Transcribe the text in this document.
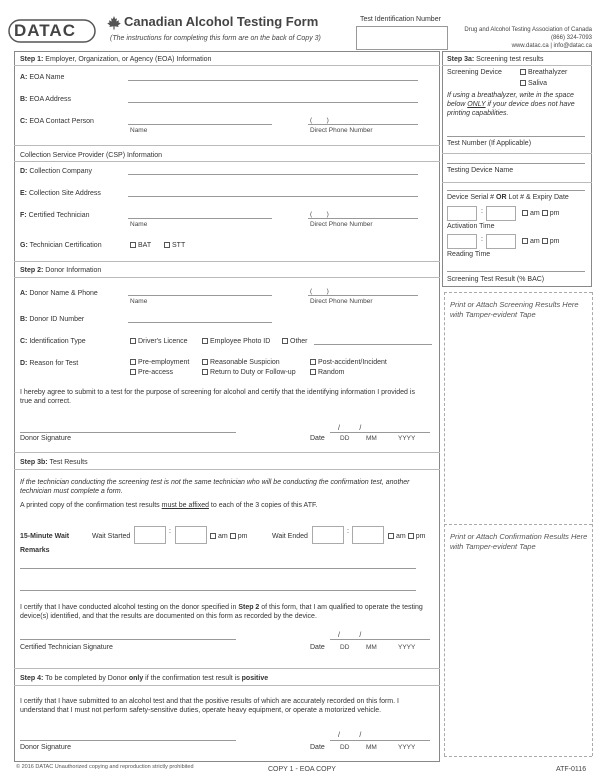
DATAC	Canadian Alcohol Testing Form
(The instructions for completing this form are on the back of Copy 3)
Test Identification Number
Drug and Alcohol Testing Association of Canada
(866) 324-7093
www.datac.ca | info@datac.ca
Step 1: Employer, Organization, or Agency (EOA) Information
A: EOA Name
B: EOA Address
C: EOA Contact Person
Name
(        )
Direct Phone Number
Collection Service Provider (CSP) Information
D: Collection Company
E: Collection Site Address
F: Certified Technician
Name
(        )
Direct Phone Number
G: Technician Certification	BAT	STT
Step 2: Donor Information
A: Donor Name & Phone
Name
(        )
Direct Phone Number
B: Donor ID Number
C: Identification Type	Driver's Licence	Employee Photo ID	Other
D: Reason for Test	Pre-employment	Reasonable Suspicion	Post-accident/Incident
Pre-access	Return to Duty or Follow-up	Random
I hereby agree to submit to a test for the purpose of screening for alcohol and certify that the identifying information I provided is true and correct.
Donor Signature
/          /
Date DD	MM	YYYY
Step 3b: Test Results
If the technician conducting the screening test is not the same technician who will be conducting the confirmation test, another technician must complete a form.
A printed copy of the confirmation test results must be affixed to each of the 3 copies of this ATF.
15-Minute Wait	Wait Started
:
am pm	Wait Ended
:
am pm
Remarks
I certify that I have conducted alcohol testing on the donor specified in Step 2 of this form, that I am qualified to operate the testing device(s) identified, and that the results are documented on this form as recorded by the device.
Certified Technician Signature
/          /
Date DD	MM	YYYY
Step 4: To be completed by Donor only if the confirmation test result is positive
I certify that I have submitted to an alcohol test and that the positive results of which are accurately recorded on this form. I understand that I must not perform safety-sensitive duties, operate heavy equipment, or operate a motorized vehicle.
Donor Signature
/          /
Date DD	MM	YYYY
Step 3a: Screening test results
Screening Device	Breathalyzer
Saliva
If using a breathalyzer, write in the space below ONLY if your device does not have printing capabilities.
Test Number (If Applicable)
Testing Device Name
Device Serial # OR Lot # & Expiry Date
:	am pm
Activation Time
:	am pm
Reading Time
Screening Test Result (% BAC)
Print or Attach Screening Results Here with Tamper-evident Tape
Print or Attach Confirmation Results Here with Tamper-evident Tape
© 2016 DATAC Unauthorized copying and reproduction strictly prohibited	COPY 1 - EOA COPY	ATF-0116
